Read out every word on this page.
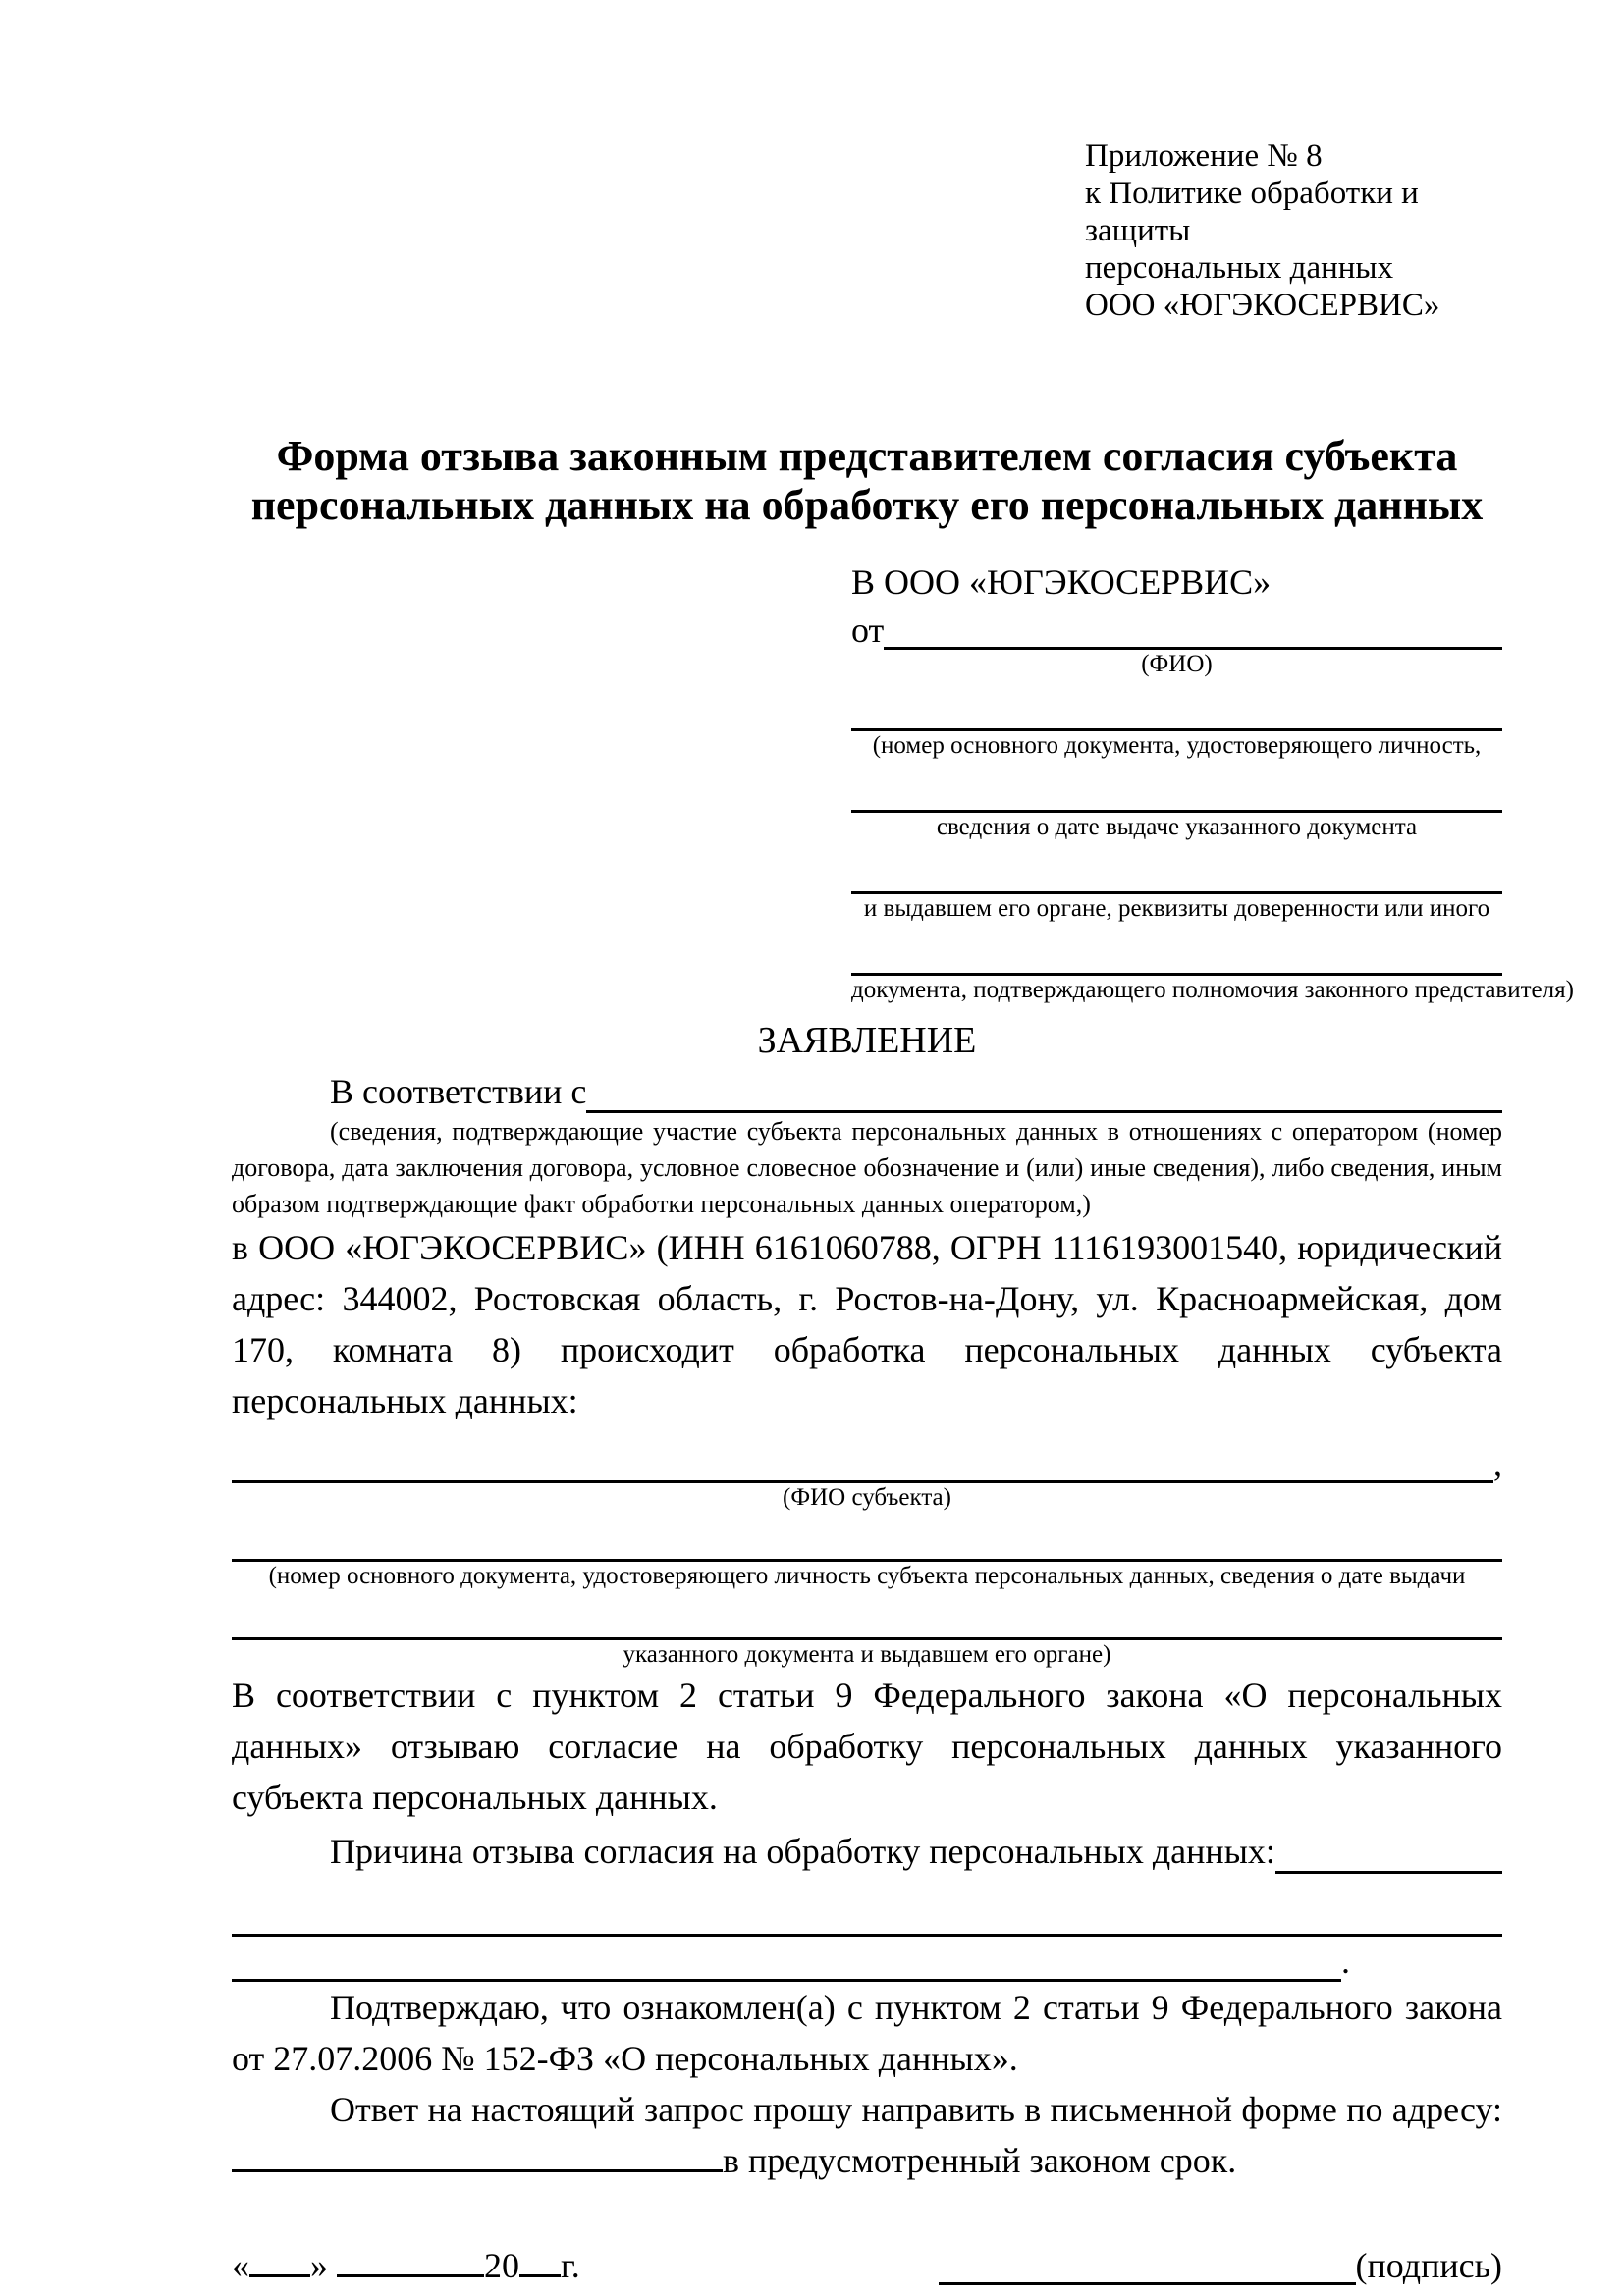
Приложение № 8
к Политике обработки и защиты
персональных данных
ООО «ЮГЭКОСЕРВИС»
Форма отзыва законным представителем согласия субъекта
персональных данных на обработку его персональных данных
В ООО «ЮГЭКОСЕРВИС»
от
(ФИО)
(номер основного документа, удостоверяющего личность,
сведения о дате выдаче указанного документа
и выдавшем его органе, реквизиты доверенности или иного
документа, подтверждающего полномочия законного представителя)
ЗАЯВЛЕНИЕ
В соответствии с
(сведения, подтверждающие участие субъекта персональных данных в отношениях с оператором (номер договора, дата заключения договора, условное словесное обозначение и (или) иные сведения), либо сведения, иным образом подтверждающие факт обработки персональных данных оператором,)
в ООО «ЮГЭКОСЕРВИС» (ИНН 6161060788, ОГРН 1116193001540, юридический адрес: 344002, Ростовская область, г. Ростов-на-Дону, ул. Красноармейская, дом 170, комната 8) происходит обработка персональных данных субъекта персональных данных:
,
(ФИО субъекта)
(номер основного документа, удостоверяющего личность субъекта персональных данных, сведения о дате выдачи
указанного документа и выдавшем его органе)
В соответствии с пунктом 2 статьи 9 Федерального закона «О персональных данных» отзываю согласие на обработку персональных данных указанного субъекта персональных данных.
Причина отзыва согласия на обработку персональных данных:
.
Подтверждаю, что ознакомлен(а) с пунктом 2 статьи 9 Федерального закона от 27.07.2006 № 152-ФЗ «О персональных данных».
Ответ на настоящий запрос прошу направить в письменной форме по адресу: в предусмотренный законом срок.
« »	20 г.	(подпись)
